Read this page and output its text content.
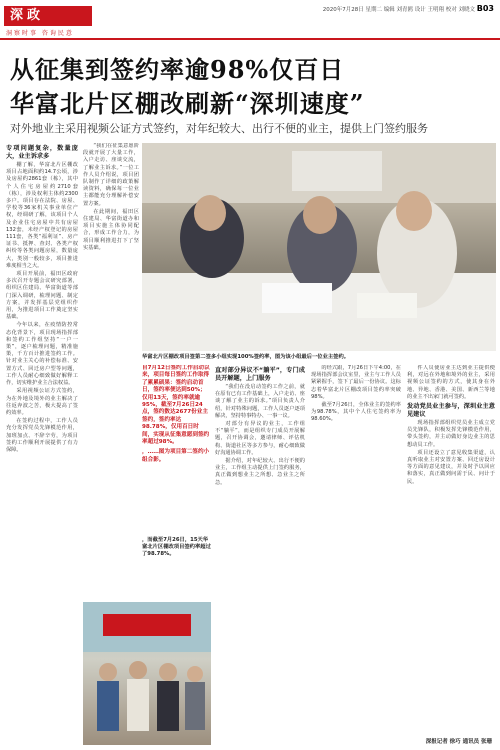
深政
洞察时事 咨询民意
2020年7月28日 星期二 编辑 刘青鸥 设计 王明翔 校对 刘晓文 B03
从征集到签约率逾98%仅百日
华富北片区棚改刷新“深圳速度”
对外地业主采用视频公证方式签约，对年纪较大、出行不便的业主，提供上门签约服务

专项问题复杂，数量庞大，业主诉求多

棚了解，华富北片区棚改项目占地面积约14.7公顷，涉及房屋约2861套（栋），其中个人住宅房屋约2710套（栋），涉及权利主体约2300多户。项目存在法院、房屋、学校等36家机关事业单位产权，经调研了解，该项目个人及企业住宅房屋中共有房屋132套，未经产权登记的房屋111套，各类“福利证”、房产证书、抵押、查封、各类产权纠纷等各类问题房屋，数量庞大，类别一般较多，项目推进难度相当之大。

项目开展前，福田区政府多次召开专题会议研究部署，组织区住建局、华富街道等部门深入调研，梳理问题、制定方案，并发挥基层党组织作用，为推进项目工作奠定坚实基础。

今年以来，在疫情防控常态化背景下，项目现场指挥部和签约工作组坚持“一户一策”，逐户梳理问题，精准施策，千方百计推进签约工作。针对业主关心的补偿标准、安置方式、回迁房户型等问题，工作人员耐心细致做好解释工作，切实维护业主合法权益。

采用视频公证方式签约，为在外地及境外的业主解决了往返奔波之苦，极大提高了签约效率。

在签约过程中，工作人员充分发挥党员先锋模范作用，加班加点、不辞辛劳，为项目签约工作顺利开展提供了有力保障。

“我们在征集意愿阶段就开展了大量工作，入户走访、座谈交流，了解业主诉求。”一位工作人员介绍说，项目团队制作了详细的政策解读资料，确保每一位业主都能充分理解补偿安置方案。

在此期间，福田区住建局、华富街道办和项目实施主体协同配合，形成工作合力，为项目顺利推进打下了坚实基础。

华富北片区棚改项目签第二签多小组实现100%签约率，图为该小组最后一位业主签约。

自7月12日签约工作启动以来，项目每日签约工作取得了累累硕果：签约启动首日，签约率便达到50%；仅用13天，签约率就逾95%，截至7月26日24点，签约数达2677份业主签约，签约率达98.78%，仅用百日时间，实现从征集意愿到签约率超过98%。

，……图为项目第二签约小组合影。

，而截至7月26日，15天华富北片区棚改项目签约率超过了98.78%。

直对部分异议不“躺平”，专门成员开解题，上门服务

“我们在没启动签约工作之前，就在原有已有工作基础上，入户走访、座谈了解了业主的诉求。”项目负责人介绍，针对特殊问题，工作人员逐户逐项解决，坚持特事特办、一事一议。

对部分有异议的业主，工作组不“躺平”，而是组织专门成员开展解题，召开协调会，邀请律师、评估机构、街道社区等多方参与，耐心细致做好沟通协调工作。

据介绍，对年纪较大、出行不便的业主，工作组主动提供上门签约服务，真正做到想业主之所想、急业主之所急。

的经式跟，7月26日下午4:00，在现场指挥部会议室里，业主与工作人员紧紧握手，签下了最后一份协议。这标志着华富北片区棚改项目签约率突破98%。

截至7月26日，全体业主的签约率为98.78%，其中个人住宅签约率为98.60%。

件人员使房业主达到业主提供便利，对远在外地和境外的业主，采用视频公证签约的方式，使其身在外地、异地、香港、美国、新西兰等地的业主不出家门就可签约。

发动党员业主参与，深圳业主意见建议

现场指挥部组织党员业主成立党员先锋队，积极发挥先锋模范作用，带头签约，并主动做好身边业主的思想动员工作。

项目还设立了意见收集渠道，认真听取业主对安置方案、回迁房设计等方面的意见建议，并及时予以回应和落实，真正做到问需于民、问计于民。

深报记者 徐巧 通讯员 张珊
